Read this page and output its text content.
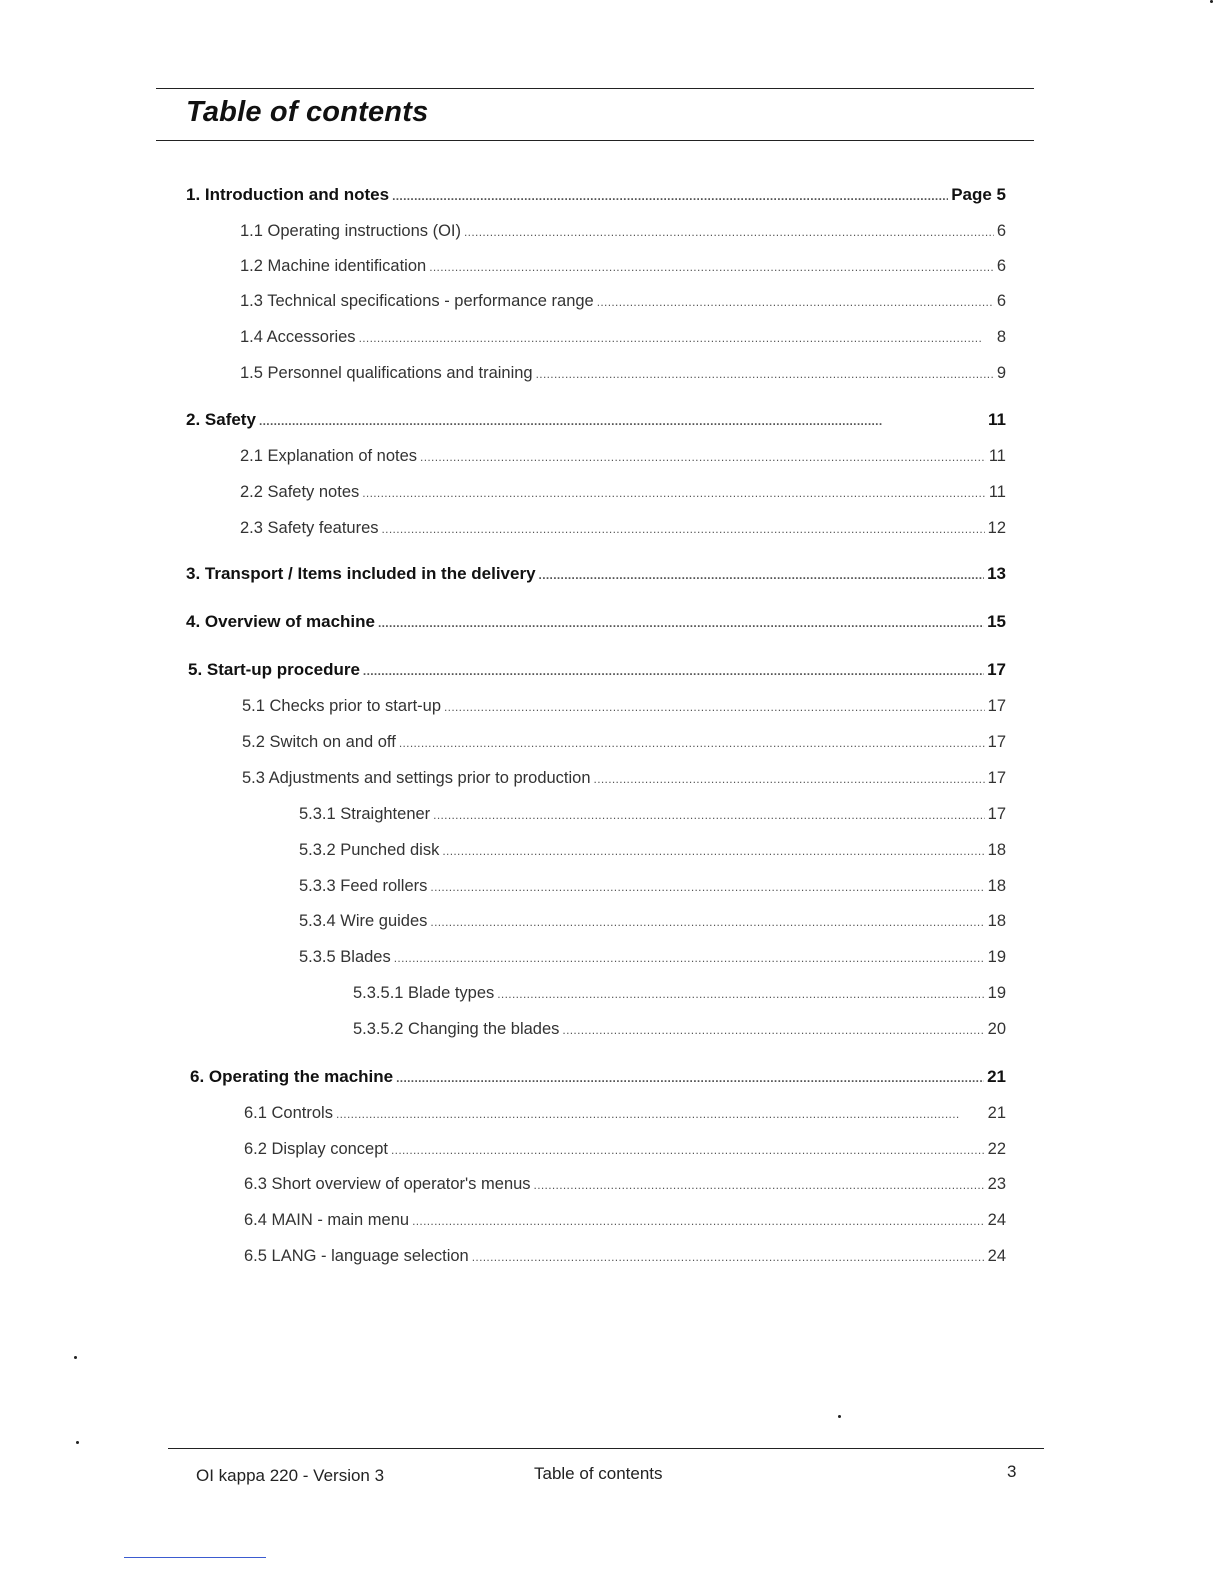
Table of contents
1. Introduction and notes . . .	Page 5
1.1 Operating instructions (OI) . . .	6
1.2 Machine identification . . .	6
1.3 Technical specifications - performance range . . .	6
1.4 Accessories . . .	8
1.5 Personnel qualifications and training . . .	9
2. Safety . . .	11
2.1 Explanation of notes . . .	11
2.2 Safety notes . . .	11
2.3 Safety features . . .	12
3. Transport / Items included in the delivery . . .	13
4. Overview of machine . . .	15
5. Start-up procedure . . .	17
5.1 Checks prior to start-up . . .	17
5.2 Switch on and off . . .	17
5.3 Adjustments and settings prior to production . . .	17
5.3.1 Straightener . . .	17
5.3.2 Punched disk . . .	18
5.3.3 Feed rollers . . .	18
5.3.4 Wire guides . . .	18
5.3.5 Blades . . .	19
5.3.5.1 Blade types . . .	19
5.3.5.2 Changing the blades . . .	20
6. Operating the machine . . .	21
6.1 Controls . . .	21
6.2 Display concept . . .	22
6.3 Short overview of operator's menus . . .	23
6.4 MAIN - main menu . . .	24
6.5 LANG - language selection . . .	24
OI kappa 220 - Version 3	Table of contents	3
